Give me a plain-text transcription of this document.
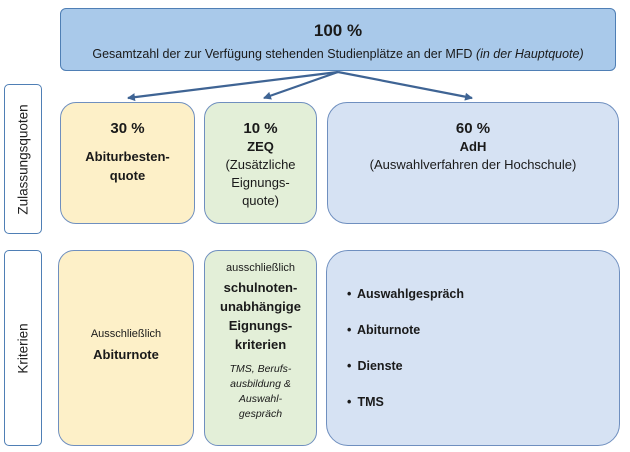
100 %
Gesamtzahl der zur Verfügung stehenden Studienplätze an der MFD (in der Hauptquote)
Zulassungsquoten
Kriterien
30 %
Abiturbesten-
quote
10 %
ZEQ
(Zusätzliche
Eignungs-
quote)
60 %
AdH
(Auswahlverfahren der Hochschule)
Ausschließlich
Abiturnote
ausschließlich
schulnoten-
unabhängige
Eignungs-
kriterien
TMS, Berufs-
ausbildung &
Auswahl-
gespräch
• Auswahlgespräch
• Abiturnote
• Dienste
• TMS
